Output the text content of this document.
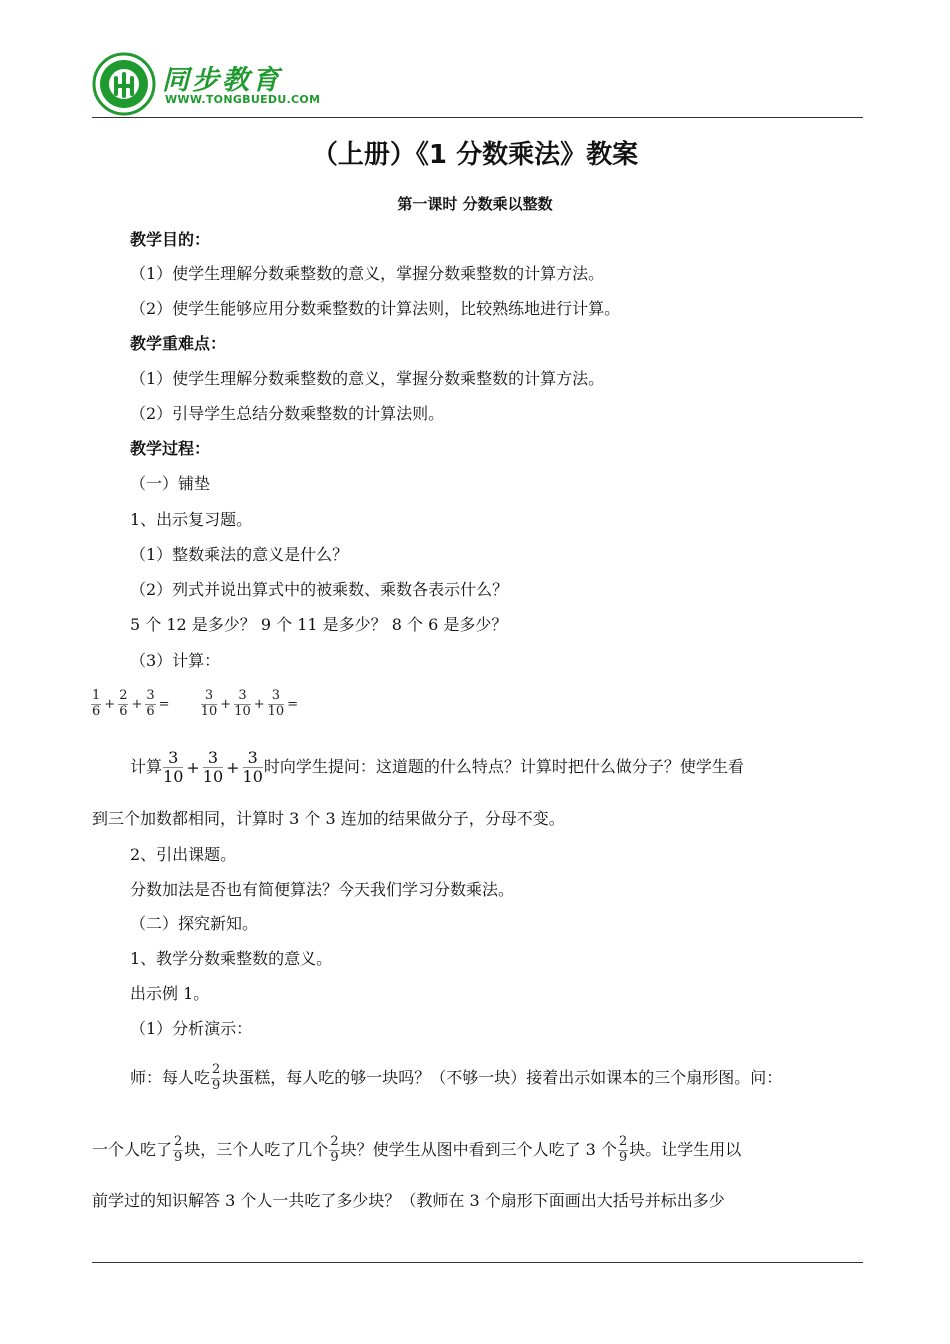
同步教育
WWW.TONGBUEDU.COM
（上册）《1 分数乘法》教案
第一课时 分数乘以整数
教学目的：
（1）使学生理解分数乘整数的意义，掌握分数乘整数的计算方法。
（2）使学生能够应用分数乘整数的计算法则，比较熟练地进行计算。
教学重难点：
（1）使学生理解分数乘整数的意义，掌握分数乘整数的计算方法。
（2）引导学生总结分数乘整数的计算法则。
教学过程：
（一）铺垫
1、出示复习题。
（1）整数乘法的意义是什么？
（2）列式并说出算式中的被乘数、乘数各表示什么？
5 个 12 是多少？ 9 个 11 是多少？ 8 个 6 是多少？
（3）计算：
$\frac{1}{6} + \frac{2}{6} + \frac{3}{6} = \frac{3}{10} + \frac{3}{10} + \frac{3}{10}$ =
计算 $\frac{3}{10} + \frac{3}{10} + \frac{3}{10}$ 时向学生提问：这道题的什么特点？计算时把什么做分子？使学生看
到三个加数都相同，计算时 3 个 3 连加的结果做分子，分母不变。
2、引出课题。
分数加法是否也有简便算法？今天我们学习分数乘法。
（二）探究新知。
1、教学分数乘整数的意义。
出示例 1。
（1）分析演示：
师：每人吃 $\frac{2}{9}$ 块蛋糕，每人吃的够一块吗？（不够一块）接着出示如课本的三个扇形图。问：
一个人吃了 $\frac{2}{9}$ 块，三个人吃了几个 $\frac{2}{9}$ 块？使学生从图中看到三个人吃了 3 个 $\frac{2}{9}$ 块。让学生用以
前学过的知识解答 3 个人一共吃了多少块？（教师在 3 个扇形下面画出大括号并标出多少
